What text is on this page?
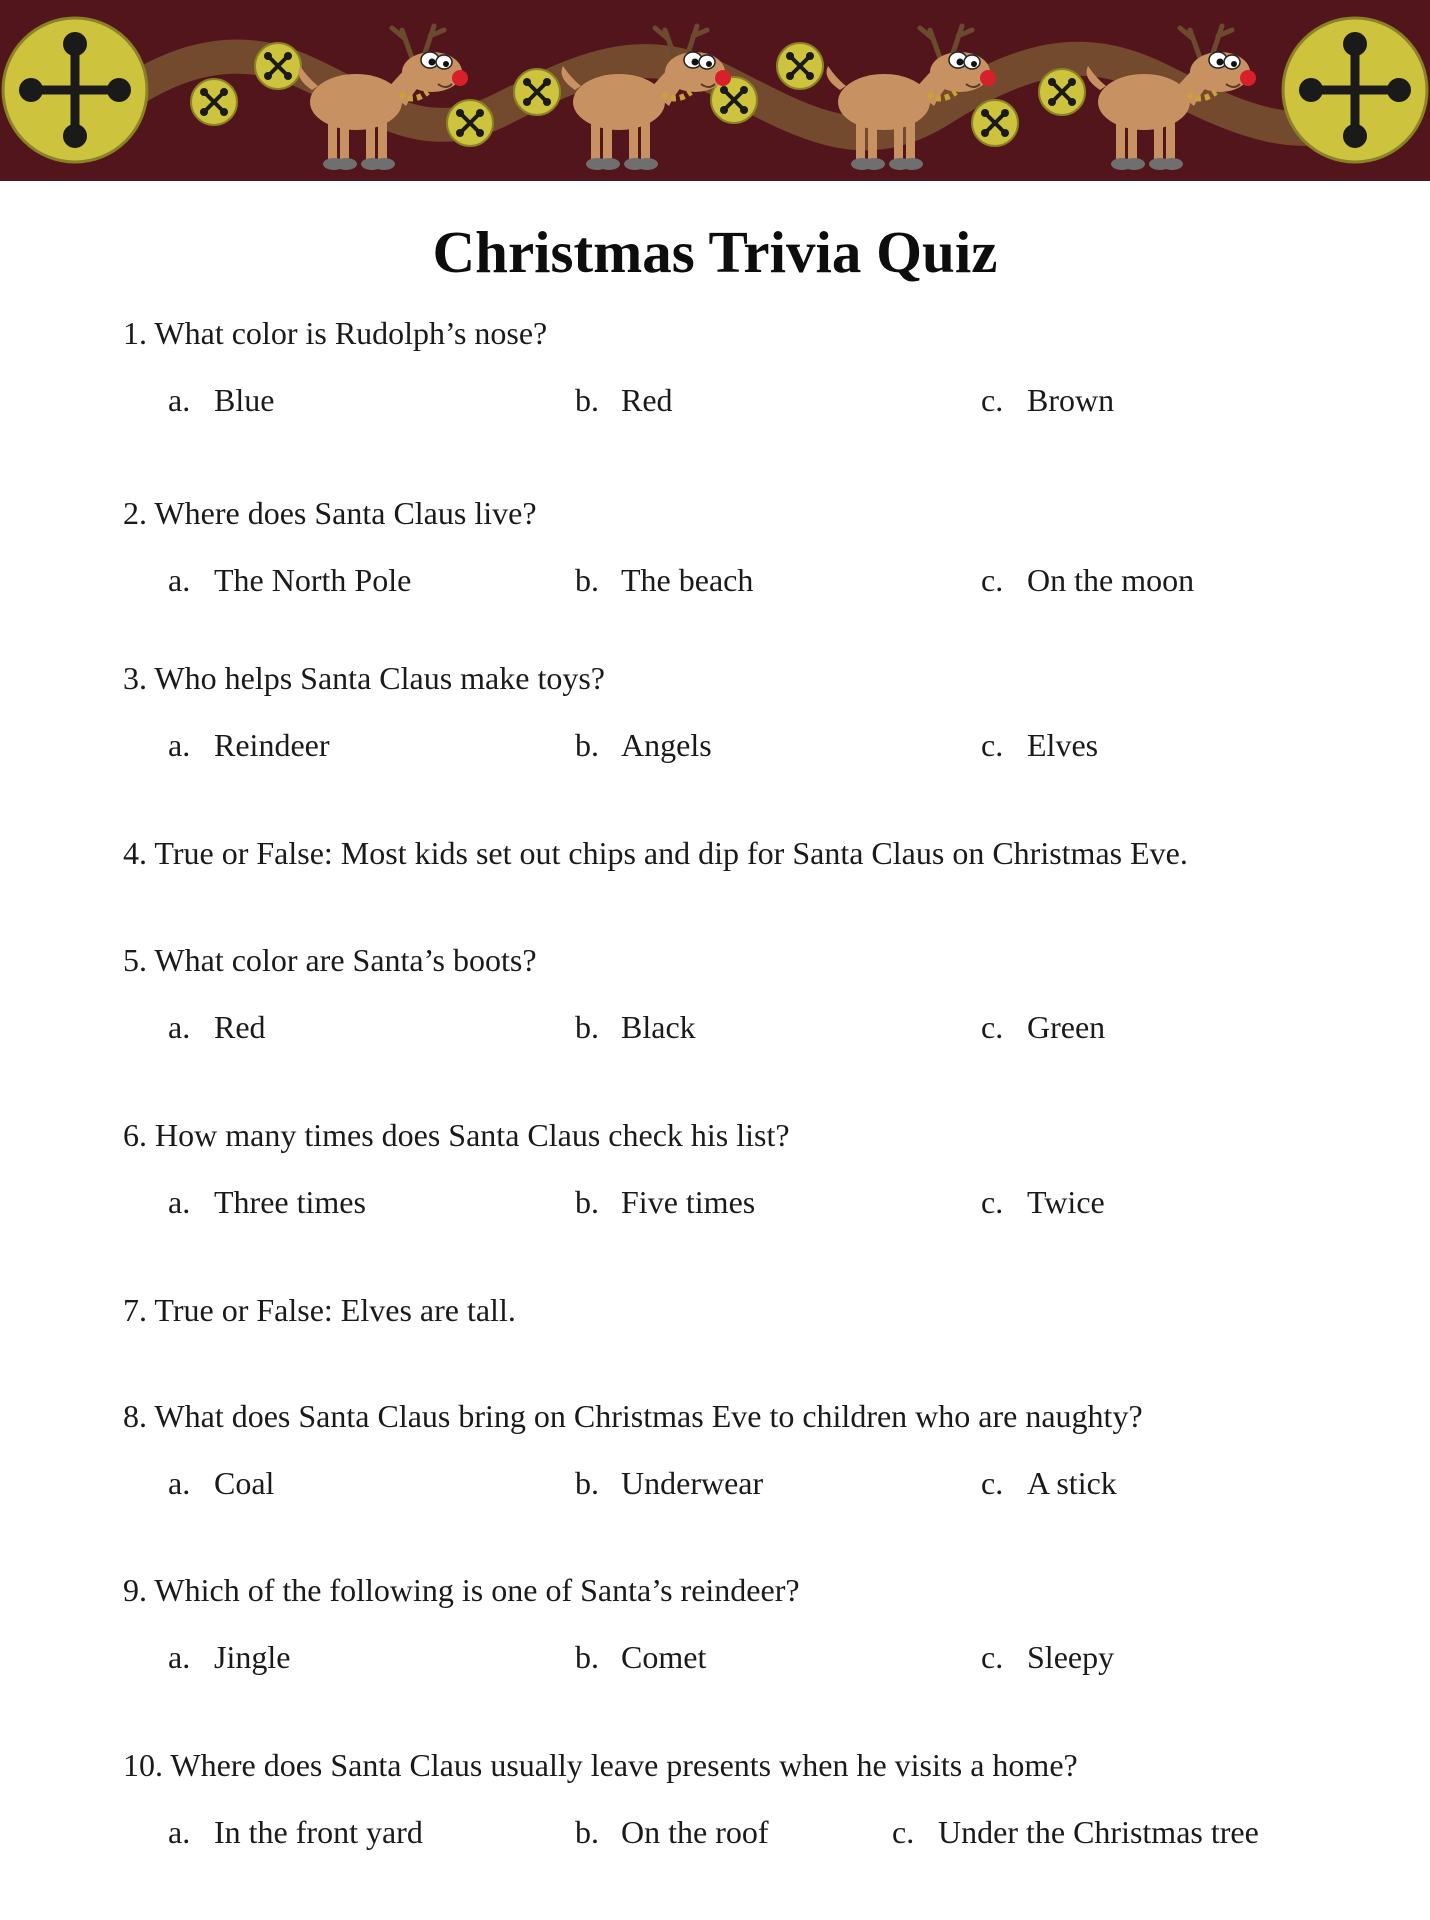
Christmas Trivia Quiz
1. What color is Rudolph’s nose?
a. Blue	b. Red	c. Brown
2. Where does Santa Claus live?
a. The North Pole	b. The beach	c. On the moon
3. Who helps Santa Claus make toys?
a. Reindeer	b. Angels	c. Elves
4. True or False: Most kids set out chips and dip for Santa Claus on Christmas Eve.
5. What color are Santa’s boots?
a. Red	b. Black	c. Green
6. How many times does Santa Claus check his list?
a. Three times	b. Five times	c. Twice
7. True or False: Elves are tall.
8. What does Santa Claus bring on Christmas Eve to children who are naughty?
a. Coal	b. Underwear	c. A stick
9. Which of the following is one of Santa’s reindeer?
a. Jingle	b. Comet	c. Sleepy
10. Where does Santa Claus usually leave presents when he visits a home?
a. In the front yard	b. On the roof	c. Under the Christmas tree
